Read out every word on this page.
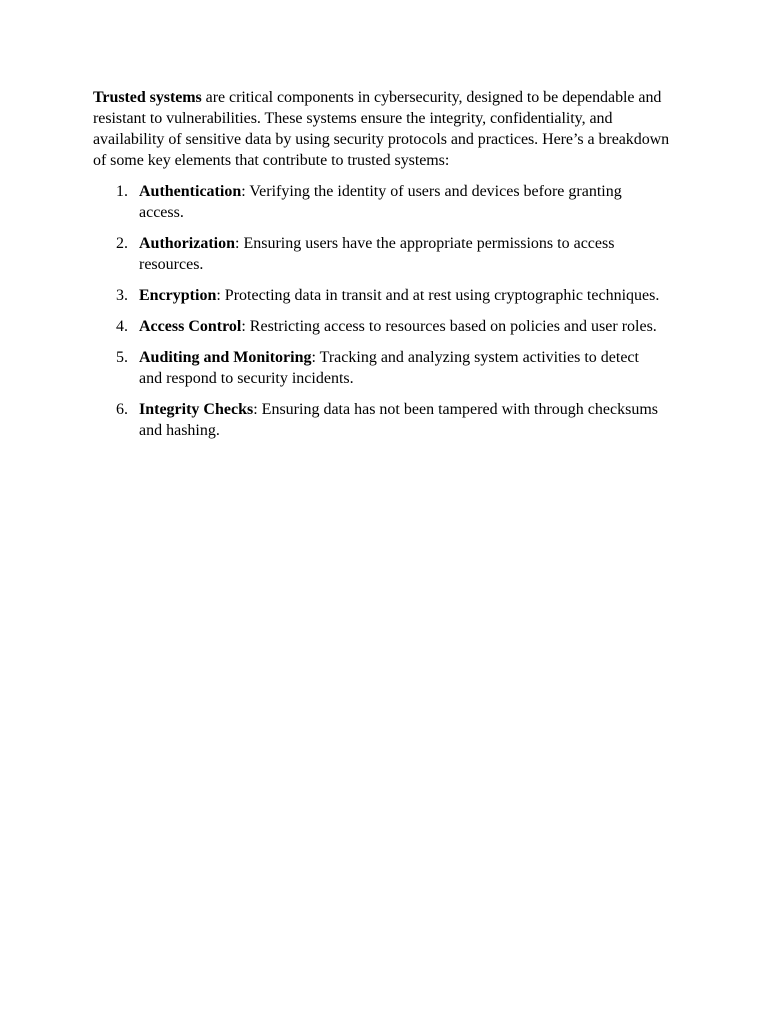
Trusted systems are critical components in cybersecurity, designed to be dependable and resistant to vulnerabilities. These systems ensure the integrity, confidentiality, and availability of sensitive data by using security protocols and practices. Here’s a breakdown of some key elements that contribute to trusted systems:

1. Authentication: Verifying the identity of users and devices before granting access.
2. Authorization: Ensuring users have the appropriate permissions to access resources.
3. Encryption: Protecting data in transit and at rest using cryptographic techniques.
4. Access Control: Restricting access to resources based on policies and user roles.
5. Auditing and Monitoring: Tracking and analyzing system activities to detect and respond to security incidents.
6. Integrity Checks: Ensuring data has not been tampered with through checksums and hashing.
